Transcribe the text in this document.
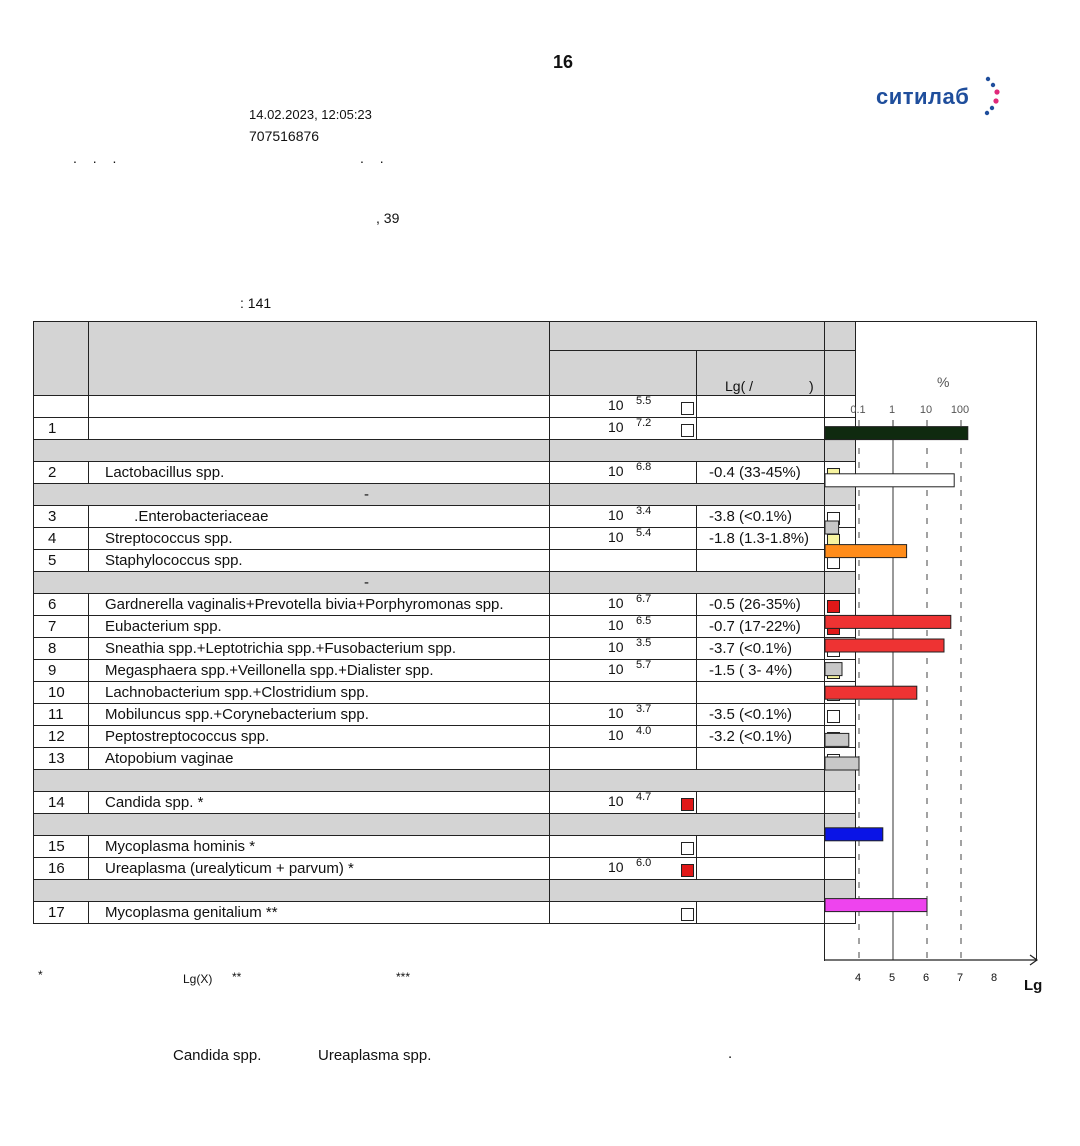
16
ситилаб
14.02.2023, 12:05:23
707516876
. . .	. .
, 39
: 141

			Lg( / )

		10 5.5	

1		10 7.2	

2	Lactobacillus spp.	10 6.8	-0.4 (33-45%)

-			
3	.Enterobacteriaceae	10 3.4	-3.8 (<0.1%)

4	Streptococcus spp.	10 5.4	-1.8 (1.3-1.8%)

5	Staphylococcus spp.		

-			
6	Gardnerella vaginalis+Prevotella bivia+Porphyromonas spp.	10 6.7	-0.5 (26-35%)

7	Eubacterium spp.	10 6.5	-0.7 (17-22%)

8	Sneathia spp.+Leptotrichia spp.+Fusobacterium spp.	10 3.5	-3.7 (<0.1%)

9	Megasphaera spp.+Veillonella spp.+Dialister spp.	10 5.7	-1.5 ( 3- 4%)

10	Lachnobacterium spp.+Clostridium spp.		

11	Mobiluncus spp.+Corynebacterium spp.	10 3.7	-3.5 (<0.1%)

12	Peptostreptococcus spp.	10 4.0	-3.2 (<0.1%)

13	Atopobium vaginae		

14	Candida spp. *	10 4.7	

15	Mycoplasma hominis *	

16	Ureaplasma (urealyticum + parvum) *	10 6.0	

17	Mycoplasma genitalium **	

0.1 1 10 100
4	5	6	7	8
%
Lg
*	Lg(X) **	***
Candida spp.	Ureaplasma spp.	.
